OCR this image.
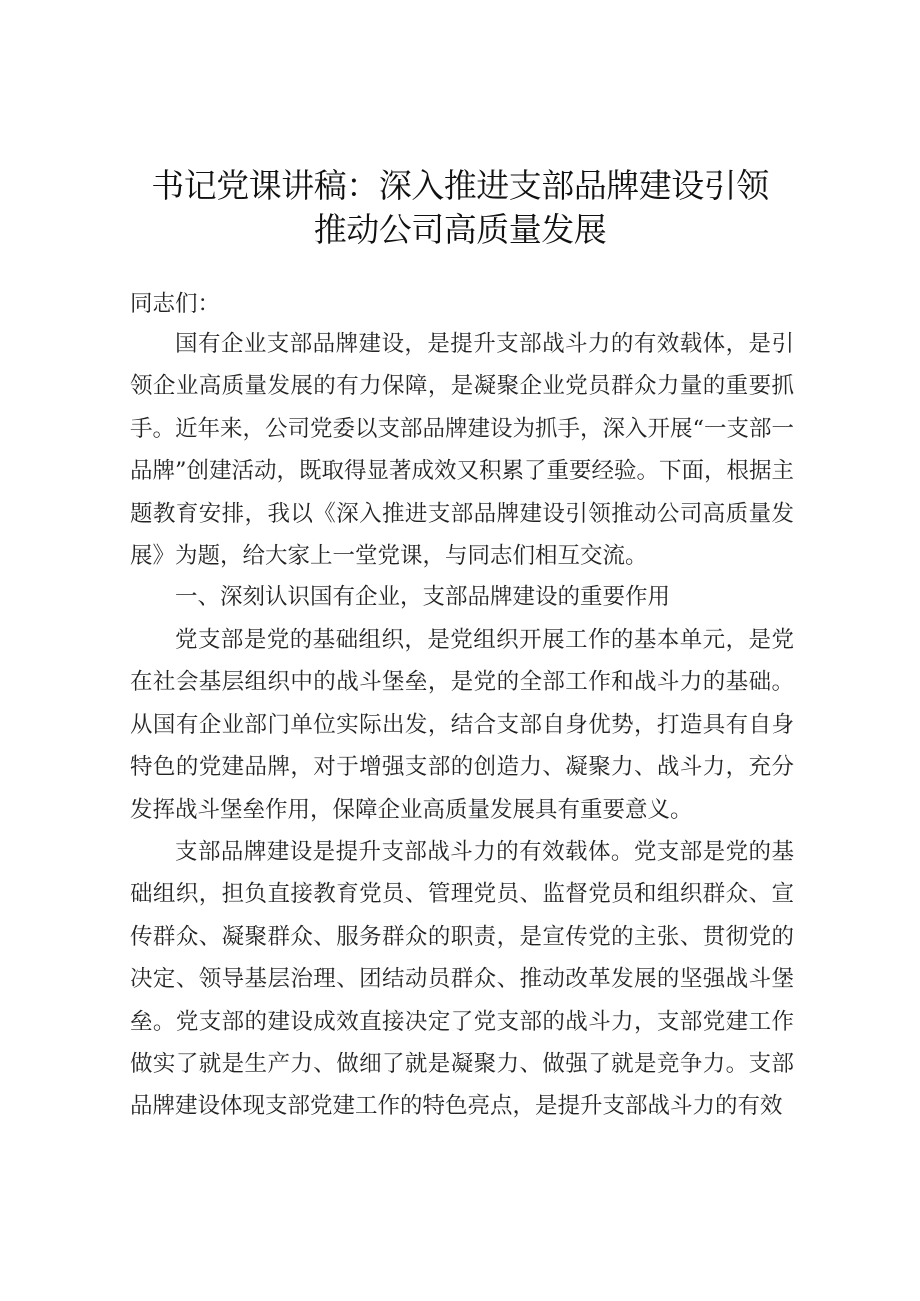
书记党课讲稿：深入推进支部品牌建设引领
推动公司高质量发展
同志们：

国有企业支部品牌建设，是提升支部战斗力的有效载体，是引领企业高质量发展的有力保障，是凝聚企业党员群众力量的重要抓手。近年来，公司党委以支部品牌建设为抓手，深入开展“一支部一品牌”创建活动，既取得显著成效又积累了重要经验。下面，根据主题教育安排，我以《深入推进支部品牌建设引领推动公司高质量发展》为题，给大家上一堂党课，与同志们相互交流。

一、深刻认识国有企业，支部品牌建设的重要作用

党支部是党的基础组织，是党组织开展工作的基本单元，是党在社会基层组织中的战斗堡垒，是党的全部工作和战斗力的基础。从国有企业部门单位实际出发，结合支部自身优势，打造具有自身特色的党建品牌，对于增强支部的创造力、凝聚力、战斗力，充分发挥战斗堡垒作用，保障企业高质量发展具有重要意义。

支部品牌建设是提升支部战斗力的有效载体。党支部是党的基础组织，担负直接教育党员、管理党员、监督党员和组织群众、宣传群众、凝聚群众、服务群众的职责，是宣传党的主张、贯彻党的决定、领导基层治理、团结动员群众、推动改革发展的坚强战斗堡垒。党支部的建设成效直接决定了党支部的战斗力，支部党建工作做实了就是生产力、做细了就是凝聚力、做强了就是竞争力。支部品牌建设体现支部党建工作的特色亮点，是提升支部战斗力的有效
